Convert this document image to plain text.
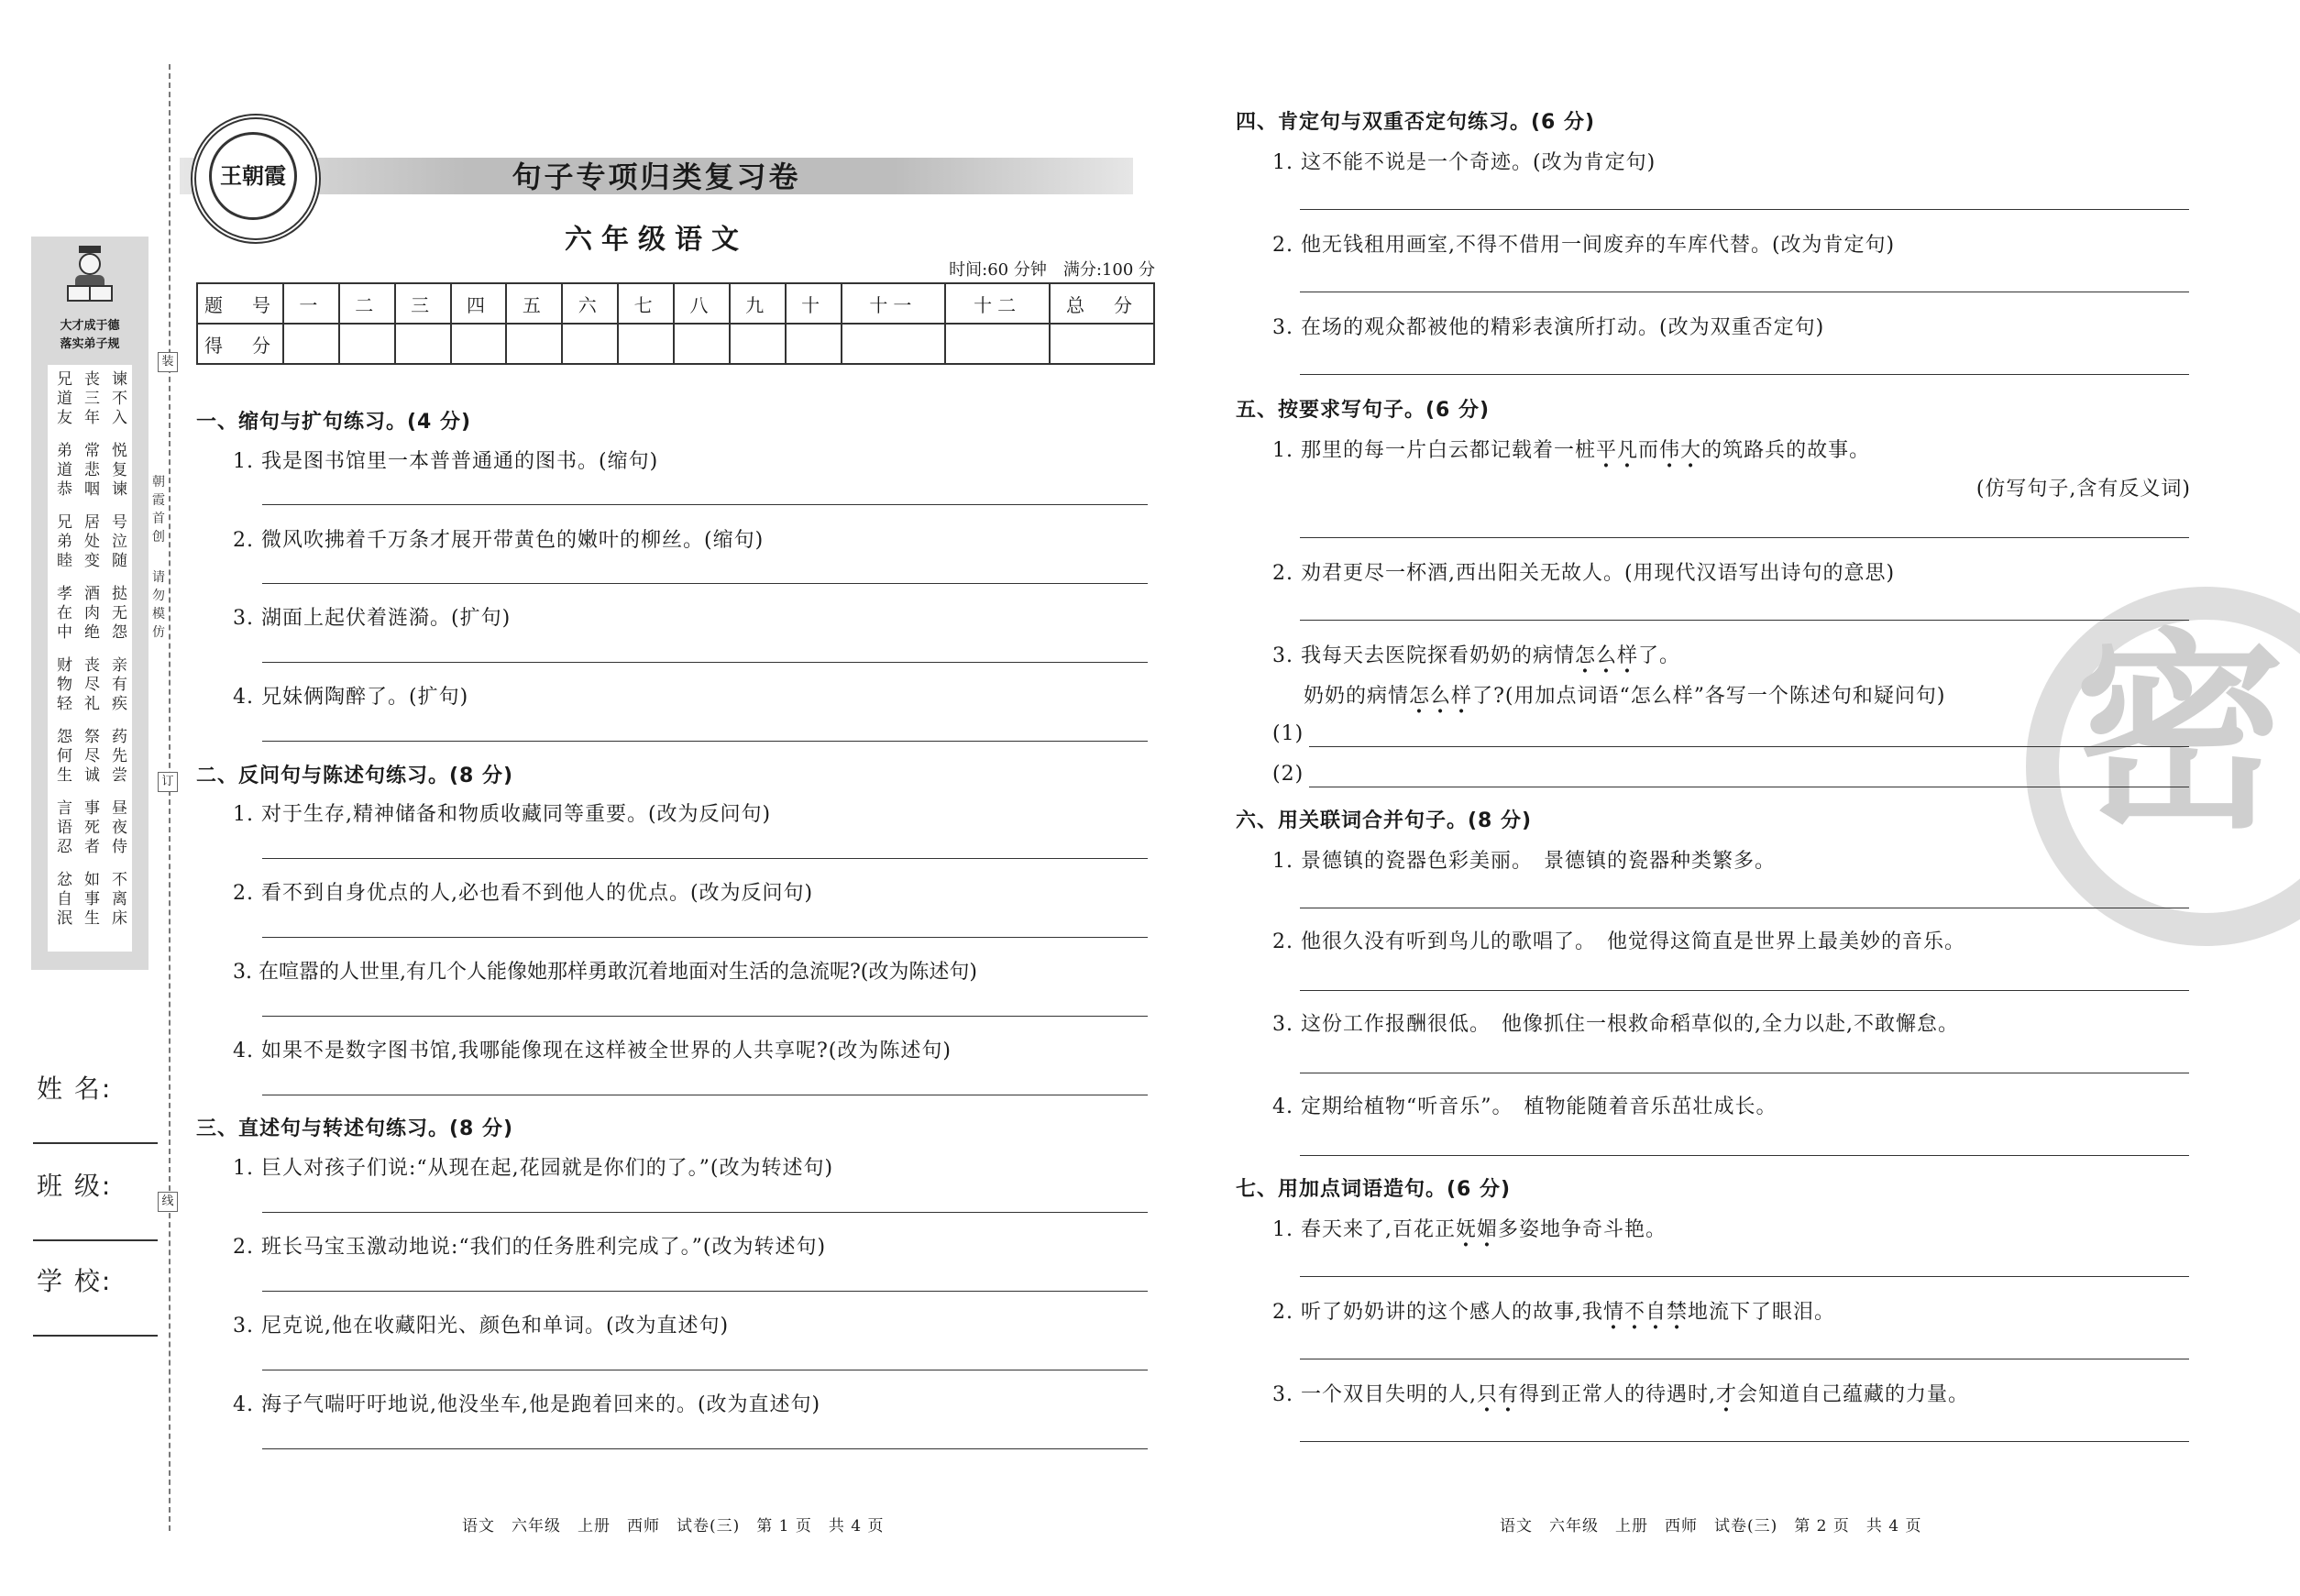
装
订
线
大才成于德
落实弟子规
兄道友
丧三年
谏不入
弟道恭
常悲咽
悦复谏
兄弟睦
居处变
号泣随
孝在中
酒肉绝
挞无怨
财物轻
丧尽礼
亲有疾
怨何生
祭尽诚
药先尝
言语忍
事死者
昼夜侍
忿自泯
如事生
不离床
朝霞首创
请勿模仿
姓 名:
班 级:
学 校:
王朝霞	句子专项归类复习卷
六年级语文
时间:60 分钟　满分:100 分
题　号	一	二	三	四	五	六	七	八	九	十	十一	十二	总　分
得　分													
一、缩句与扩句练习。(4 分)
1. 我是图书馆里一本普普通通的图书。(缩句)
2. 微风吹拂着千万条才展开带黄色的嫩叶的柳丝。(缩句)
3. 湖面上起伏着涟漪。(扩句)
4. 兄妹俩陶醉了。(扩句)
二、反问句与陈述句练习。(8 分)
1. 对于生存,精神储备和物质收藏同等重要。(改为反问句)
2. 看不到自身优点的人,必也看不到他人的优点。(改为反问句)
3. 在喧嚣的人世里,有几个人能像她那样勇敢沉着地面对生活的急流呢?(改为陈述句)
4. 如果不是数字图书馆,我哪能像现在这样被全世界的人共享呢?(改为陈述句)
三、直述句与转述句练习。(8 分)
1. 巨人对孩子们说:“从现在起,花园就是你们的了。”(改为转述句)
2. 班长马宝玉激动地说:“我们的任务胜利完成了。”(改为转述句)
3. 尼克说,他在收藏阳光、颜色和单词。(改为直述句)
4. 海子气喘吁吁地说,他没坐车,他是跑着回来的。(改为直述句)
语文　六年级　上册　西师　试卷(三)　第 1 页　共 4 页
密
四、肯定句与双重否定句练习。(6 分)
1. 这不能不说是一个奇迹。(改为肯定句)
2. 他无钱租用画室,不得不借用一间废弃的车库代替。(改为肯定句)
3. 在场的观众都被他的精彩表演所打动。(改为双重否定句)
五、按要求写句子。(6 分)
1. 那里的每一片白云都记载着一桩平凡而伟大的筑路兵的故事。
(仿写句子,含有反义词)
2. 劝君更尽一杯酒,西出阳关无故人。(用现代汉语写出诗句的意思)
3. 我每天去医院探看奶奶的病情怎么样了。
奶奶的病情怎么样了?(用加点词语“怎么样”各写一个陈述句和疑问句)
(1)
(2)
六、用关联词合并句子。(8 分)
1. 景德镇的瓷器色彩美丽。　景德镇的瓷器种类繁多。
2. 他很久没有听到鸟儿的歌唱了。　他觉得这简直是世界上最美妙的音乐。
3. 这份工作报酬很低。　他像抓住一根救命稻草似的,全力以赴,不敢懈怠。
4. 定期给植物“听音乐”。　植物能随着音乐茁壮成长。
七、用加点词语造句。(6 分)
1. 春天来了,百花正妩媚多姿地争奇斗艳。
2. 听了奶奶讲的这个感人的故事,我情不自禁地流下了眼泪。
3. 一个双目失明的人,只有得到正常人的待遇时,才会知道自己蕴藏的力量。
语文　六年级　上册　西师　试卷(三)　第 2 页　共 4 页
